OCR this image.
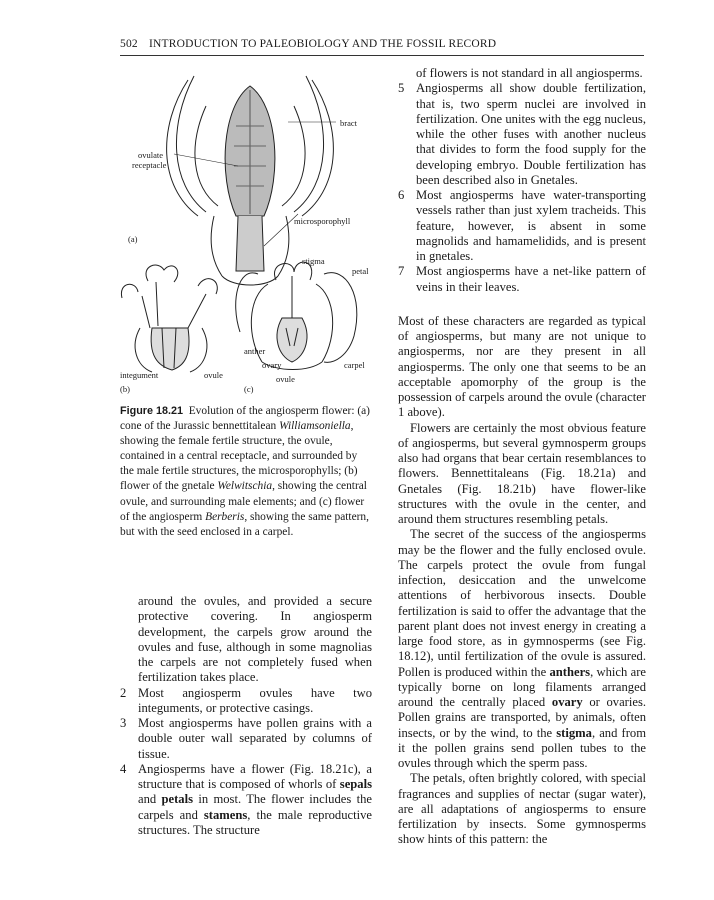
502 INTRODUCTION TO PALEOBIOLOGY AND THE FOSSIL RECORD
bract
ovulate
receptacle
microsporophyll
(a)
stigma
petal
anther
ovary	carpel
ovule
integument	ovule
(b)	(c)
Figure 18.21 Evolution of the angiosperm flower: (a) cone of the Jurassic bennettitalean Williamsoniella, showing the female fertile structure, the ovule, contained in a central receptacle, and surrounded by the male fertile structures, the microsporophylls; (b) flower of the gnetale Welwitschia, showing the central ovule, and surrounding male elements; and (c) flower of the angiosperm Berberis, showing the same pattern, but with the seed enclosed in a carpel.

around the ovules, and provided a secure protective covering. In angiosperm development, the carpels grow around the ovules and fuse, although in some magnolias the carpels are not completely fused when fertilization takes place.

2 Most angiosperm ovules have two integuments, or protective casings.

3 Most angiosperms have pollen grains with a double outer wall separated by columns of tissue.

4 Angiosperms have a flower (Fig. 18.21c), a structure that is composed of whorls of sepals and petals in most. The flower includes the carpels and stamens, the male reproductive structures. The structure

of flowers is not standard in all angiosperms.

5 Angiosperms all show double fertilization, that is, two sperm nuclei are involved in fertilization. One unites with the egg nucleus, while the other fuses with another nucleus that divides to form the food supply for the developing embryo. Double fertilization has been described also in Gnetales.

6 Most angiosperms have water-transporting vessels rather than just xylem tracheids. This feature, however, is absent in some magnolids and hamamelidids, and is present in gnetales.

7 Most angiosperms have a net-like pattern of veins in their leaves.

Most of these characters are regarded as typical of angiosperms, but many are not unique to angiosperms, nor are they present in all angiosperms. The only one that seems to be an acceptable apomorphy of the group is the possession of carpels around the ovule (character 1 above).

Flowers are certainly the most obvious feature of angiosperms, but several gymnosperm groups also had organs that bear certain resemblances to flowers. Bennettitaleans (Fig. 18.21a) and Gnetales (Fig. 18.21b) have flower-like structures with the ovule in the center, and around them structures resembling petals.

The secret of the success of the angiosperms may be the flower and the fully enclosed ovule. The carpels protect the ovule from fungal infection, desiccation and the unwelcome attentions of herbivorous insects. Double fertilization is said to offer the advantage that the parent plant does not invest energy in creating a large food store, as in gymnosperms (see Fig. 18.12), until fertilization of the ovule is assured. Pollen is produced within the anthers, which are typically borne on long filaments arranged around the centrally placed ovary or ovaries. Pollen grains are transported, by animals, often insects, or by the wind, to the stigma, and from it the pollen grains send pollen tubes to the ovules through which the sperm pass.

The petals, often brightly colored, with special fragrances and supplies of nectar (sugar water), are all adaptations of angiosperms to ensure fertilization by insects. Some gymnosperms show hints of this pattern: the
